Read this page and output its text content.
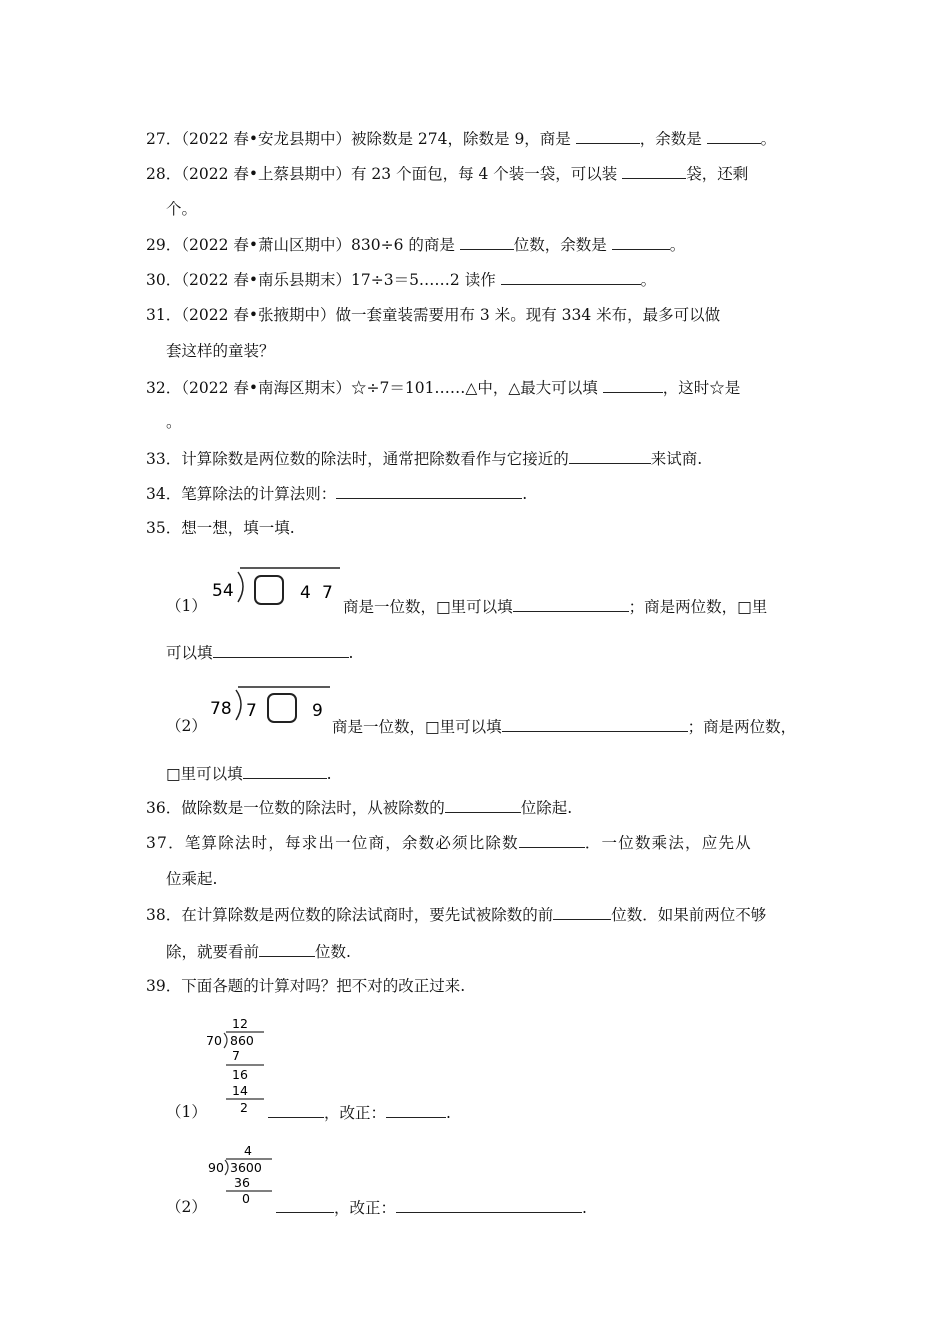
27．（2022 春•安龙县期中）被除数是 274，除数是 9，商是	，余数是	。
28．（2022 春•上蔡县期中）有 23 个面包，每 4 个装一袋，可以装	袋，还剩
个。
29．（2022 春•萧山区期中）830÷6 的商是	位数，余数是	。
30．（2022 春•南乐县期末）17÷3＝5……2 读作	。
31．（2022 春•张掖期中）做一套童装需要用布 3 米。现有 334 米布，最多可以做
套这样的童装？
32．（2022 春•南海区期末）☆÷7＝101……△中，△最大可以填	，这时☆是
。
33．计算除数是两位数的除法时，通常把除数看作与它接近的	来试商.
34．笔算除法的计算法则：	.
35．想一想，填一填.
（1）
54	4 7
商是一位数，□里可以填	；商是两位数，□里
可以填	.
（2）
78 7	9
商是一位数，□里可以填	；商是两位数，
□里可以填	.
36．做除数是一位数的除法时，从被除数的	位除起.
37．笔算除法时，每求出一位商，余数必须比除数	．一位数乘法，应先从
位乘起.
38．在计算除数是两位数的除法试商时，要先试被除数的前	位数．如果前两位不够
除，就要看前	位数.
39．下面各题的计算对吗？把不对的改正过来.
（1）
12
70 860
7
16
14
2	，改正：	.
（2）
4
90 3600
36
0
，改正：	.
